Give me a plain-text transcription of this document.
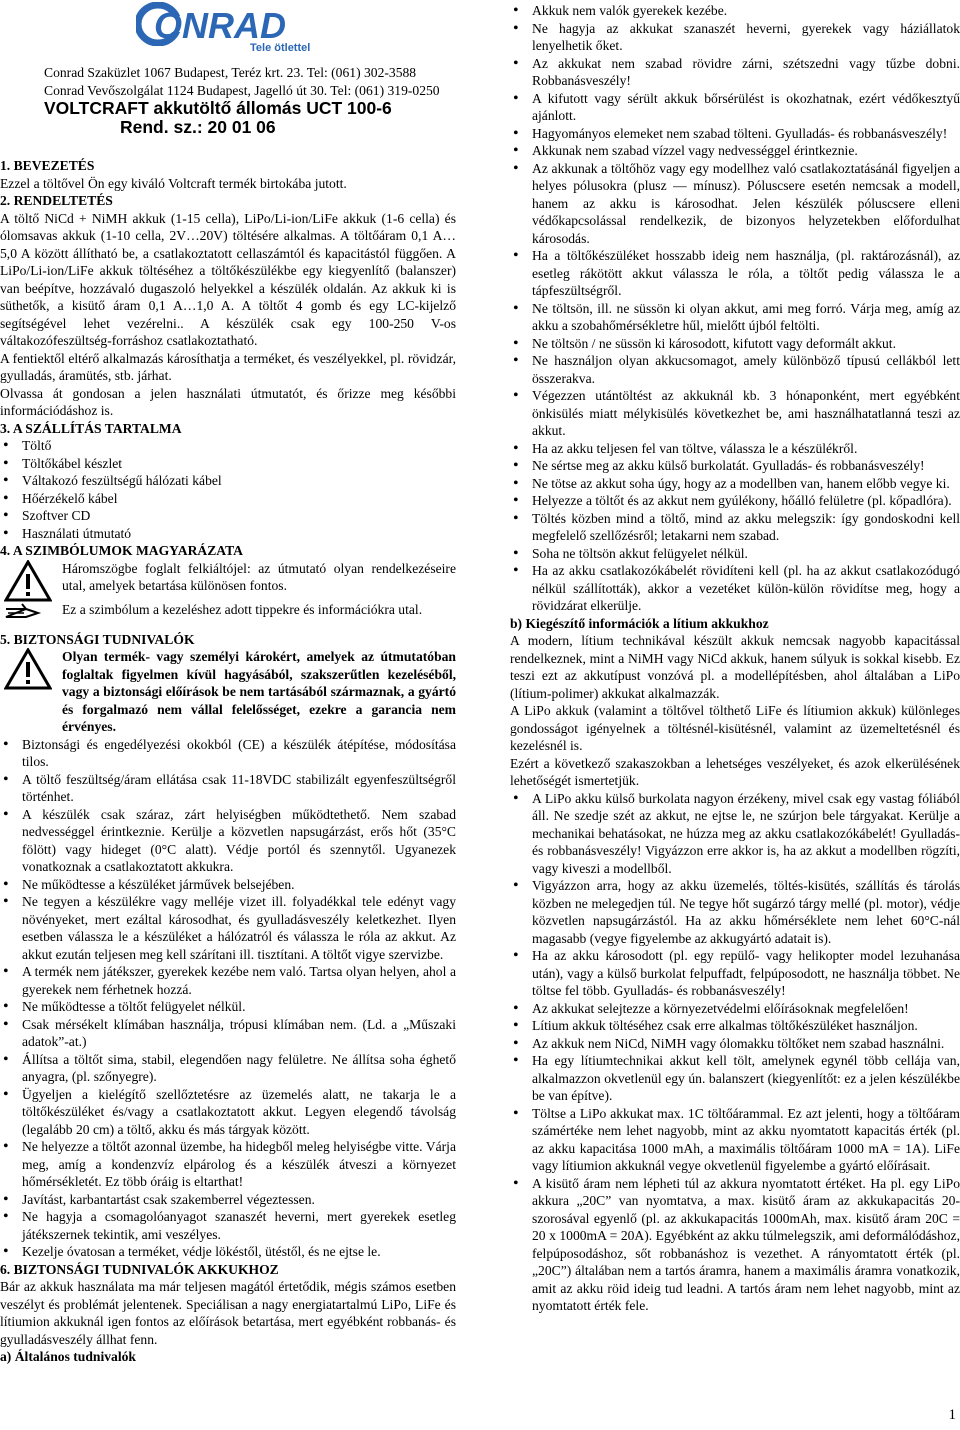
ONRAD
Tele ötlettel
Conrad Szaküzlet 1067 Budapest, Teréz krt. 23. Tel: (061) 302-3588
Conrad Vevőszolgálat 1124 Budapest, Jagelló út 30. Tel: (061) 319-0250
VOLTCRAFT akkutöltő állomás UCT 100-6
Rend. sz.: 20 01 06

1. BEVEZETÉS

Ezzel a töltővel Ön egy kiváló Voltcraft termék birtokába jutott.

2. RENDELTETÉS

A töltő NiCd + NiMH akkuk (1-15 cella), LiPo/Li-ion/LiFe akkuk (1-6 cella) és ólomsavas akkuk (1-10 cella, 2V…20V) töltésére alkalmas. A töltőáram 0,1 A…5,0 A között állítható be, a csatlakoztatott cellaszámtól és kapacitástól függően. A LiPo/Li-ion/LiFe akkuk töltéséhez a töltőkészülékbe egy kiegyenlítő (balanszer) van beépítve, hozzávaló dugaszoló helyekkel a készülék oldalán. Az akkuk ki is süthetők, a kisütő áram 0,1 A…1,0 A. A töltőt 4 gomb és egy LC-kijelző segítségével lehet vezérelni.. A készülék csak egy 100-250 V-os váltakozófeszültség-forráshoz csatlakoztatható.

A fentiektől eltérő alkalmazás károsíthatja a terméket, és veszélyekkel, pl. rövidzár, gyulladás, áramütés, stb. járhat.

Olvassa át gondosan a jelen használati útmutatót, és őrizze meg későbbi információdáshoz is.

3. A SZÁLLÍTÁS TARTALMA

• Töltő
• Töltőkábel készlet
• Váltakozó feszültségű hálózati kábel
• Hőérzékelő kábel
• Szoftver CD
• Használati útmutató

4. A SZIMBÓLUMOK MAGYARÁZATA

Háromszögbe foglalt felkiáltójel: az útmutató olyan rendelkezéseire utal, amelyek betartása különösen fontos.

Ez a szimbólum a kezeléshez adott tippekre és információkra utal.

5. BIZTONSÁGI TUDNIVALÓK

Olyan termék- vagy személyi károkért, amelyek az útmutatóban foglaltak figyelmen kívül hagyásából, szakszerűtlen kezeléséből, vagy a biztonsági előírások be nem tartásából származnak, a gyártó és forgalmazó nem vállal felelősséget, ezekre a garancia nem érvényes.

• Biztonsági és engedélyezési okokból (CE) a készülék átépítése, módosítása tilos.
• A töltő feszültség/áram ellátása csak 11-18VDC stabilizált egyenfeszültségről történhet.
• A készülék csak száraz, zárt helyiségben működtethető. Nem szabad nedvességgel érintkeznie. Kerülje a közvetlen napsugárzást, erős hőt (35°C fölött) vagy hideget (0°C alatt). Védje portól és szennytől. Ugyanezek vonatkoznak a csatlakoztatott akkukra.
• Ne működtesse a készüléket járművek belsejében.
• Ne tegyen a készülékre vagy melléje vizet ill. folyadékkal tele edényt vagy növényeket, mert ezáltal károsodhat, és gyulladásveszély keletkezhet. Ilyen esetben válassza le a készüléket a hálózatról és válassza le róla az akkut. Az akkut ezután teljesen meg kell szárítani ill. tisztítani. A töltőt vigye szervizbe.
• A termék nem játékszer, gyerekek kezébe nem való. Tartsa olyan helyen, ahol a gyerekek nem férhetnek hozzá.
• Ne működtesse a töltőt felügyelet nélkül.
• Csak mérsékelt klímában használja, trópusi klímában nem. (Ld. a „Műszaki adatok”-at.)
• Állítsa a töltőt sima, stabil, elegendően nagy felületre. Ne állítsa soha éghető anyagra, (pl. szőnyegre).
• Ügyeljen a kielégítő szellőztetésre az üzemelés alatt, ne takarja le a töltőkészüléket és/vagy a csatlakoztatott akkut. Legyen elegendő távolság (legalább 20 cm) a töltő, akku és más tárgyak között.
• Ne helyezze a töltőt azonnal üzembe, ha hidegből meleg helyiségbe vitte. Várja meg, amíg a kondenzvíz elpárolog és a készülék átveszi a környezet hőmérsékletét. Ez több óráig is eltarthat!
• Javítást, karbantartást csak szakemberrel végeztessen.
• Ne hagyja a csomagolóanyagot szanaszét heverni, mert gyerekek esetleg játékszernek tekintik, ami veszélyes.
• Kezelje óvatosan a terméket, védje lökéstől, ütéstől, és ne ejtse le.

6. BIZTONSÁGI TUDNIVALÓK AKKUKHOZ

Bár az akkuk használata ma már teljesen magától értetődik, mégis számos esetben veszélyt és problémát jelentenek. Speciálisan a nagy energiatartalmú LiPo, LiFe és lítiumion akkuknál igen fontos az előírások betartása, mert egyébként robbanás- és gyulladásveszély állhat fenn.

a) Általános tudnivalók

• Akkuk nem valók gyerekek kezébe.
• Ne hagyja az akkukat szanaszét heverni, gyerekek vagy háziállatok lenyelhetik őket.
• Az akkukat nem szabad rövidre zárni, szétszedni vagy tűzbe dobni. Robbanásveszély!
• A kifutott vagy sérült akkuk bőrsérülést is okozhatnak, ezért védőkesztyű ajánlott.
• Hagyományos elemeket nem szabad tölteni. Gyulladás- és robbanásveszély!
• Akkunak nem szabad vízzel vagy nedvességgel érintkeznie.
• Az akkunak a töltőhöz vagy egy modellhez való csatlakoztatásánál figyeljen a helyes pólusokra (plusz — mínusz). Póluscsere esetén nemcsak a modell, hanem az akku is károsodhat. Jelen készülék póluscsere elleni védőkapcsolással rendelkezik, de bizonyos helyzetekben előfordulhat károsodás.
• Ha a töltőkészüléket hosszabb ideig nem használja, (pl. raktározásnál), az esetleg rákötött akkut válassza le róla, a töltőt pedig válassza le a tápfeszültségről.
• Ne töltsön, ill. ne süssön ki olyan akkut, ami meg forró. Várja meg, amíg az akku a szobahőmérsékletre hűl, mielőtt újból feltölti.
• Ne töltsön / ne süssön ki károsodott, kifutott vagy deformált akkut.
• Ne használjon olyan akkucsomagot, amely különböző típusú cellákból lett összerakva.
• Végezzen utántöltést az akkuknál kb. 3 hónaponként, mert egyébként önkisülés miatt mélykisülés következhet be, ami használhatatlanná teszi az akkut.
• Ha az akku teljesen fel van töltve, válassza le a készülékről.
• Ne sértse meg az akku külső burkolatát. Gyulladás- és robbanásveszély!
• Ne tötse az akkut soha úgy, hogy az a modellben van, hanem előbb vegye ki.
• Helyezze a töltőt és az akkut nem gyúlékony, hőálló felületre (pl. kőpadlóra).
• Töltés közben mind a töltő, mind az akku melegszik: így gondoskodni kell megfelelő szellőzésről; letakarni nem szabad.
• Soha ne töltsön akkut felügyelet nélkül.
• Ha az akku csatlakozókábelét rövidíteni kell (pl. ha az akkut csatlakozódugó nélkül szállították), akkor a vezetéket külön-külön rövidítse meg, hogy a rövidzárat elkerülje.

b) Kiegészítő információk a lítium akkukhoz

A modern, lítium technikával készült akkuk nemcsak nagyobb kapacitással rendelkeznek, mint a NiMH vagy NiCd akkuk, hanem súlyuk is sokkal kisebb. Ez teszi ezt az akkutípust vonzóvá pl. a modellépítésben, ahol általában a LiPo (lítium-polimer) akkukat alkalmazzák.

A LiPo akkuk (valamint a töltővel tölthető LiFe és lítiumion akkuk) különleges gondosságot igényelnek a töltésnél-kisütésnél, valamint az üzemeltetésnél és kezelésnél is.

Ezért a következő szakaszokban a lehetséges veszélyeket, és azok elkerülésének lehetőségét ismertetjük.

• A LiPo akku külső burkolata nagyon érzékeny, mivel csak egy vastag fóliából áll. Ne szedje szét az akkut, ne ejtse le, ne szúrjon bele tárgyakat. Kerülje a mechanikai behatásokat, ne húzza meg az akku csatlakozókábelét! Gyulladás- és robbanásveszély! Vigyázzon erre akkor is, ha az akkut a modellben rögzíti, vagy kiveszi a modellből.
• Vigyázzon arra, hogy az akku üzemelés, töltés-kisütés, szállítás és tárolás közben ne melegedjen túl. Ne tegye hőt sugárzó tárgy mellé (pl. motor), védje közvetlen napsugárzástól. Ha az akku hőmérséklete nem lehet 60°C-nál magasabb (vegye figyelembe az akkugyártó adatait is).
• Ha az akku károsodott (pl. egy repülő- vagy helikopter model lezuhanása után), vagy a külső burkolat felpuffadt, felpúposodott, ne használja többet. Ne töltse fel több. Gyulladás- és robbanásveszély!
• Az akkukat selejtezze a környezetvédelmi előírásoknak megfelelően!
• Lítium akkuk töltéséhez csak erre alkalmas töltőkészüléket használjon.
• Az akkuk nem NiCd, NiMH vagy ólomakku töltőket nem szabad használni.
• Ha egy lítiumtechnikai akkut kell tölt, amelynek egynél több cellája van, alkalmazzon okvetlenül egy ún. balanszert (kiegyenlítőt: ez a jelen készülékbe be van építve).
• Töltse a LiPo akkukat max. 1C töltőárammal. Ez azt jelenti, hogy a töltőáram számértéke nem lehet nagyobb, mint az akku nyomtatott kapacitás érték (pl. az akku kapacitása 1000 mAh, a maximális töltőáram 1000 mA = 1A). LiFe vagy lítiumion akkuknál vegye okvetlenül figyelembe a gyártó előírásait.
• A kisütő áram nem lépheti túl az akkura nyomtatott értéket. Ha pl. egy LiPo akkura „20C” van nyomtatva, a max. kisütő áram az akkukapacitás 20-szorosával egyenlő (pl. az akkukapacitás 1000mAh, max. kisütő áram 20C = 20 x 1000mA = 20A). Egyébként az akku túlmelegszik, ami deformálódáshoz, felpúposodáshoz, sőt robbanáshoz is vezethet. A rányomtatott érték (pl. „20C”) általában nem a tartós áramra, hanem a maximális áramra vonatkozik, amit az akku röid ideig tud leadni. A tartós áram nem lehet nagyobb, mint az nyomtatott érték fele.
1
